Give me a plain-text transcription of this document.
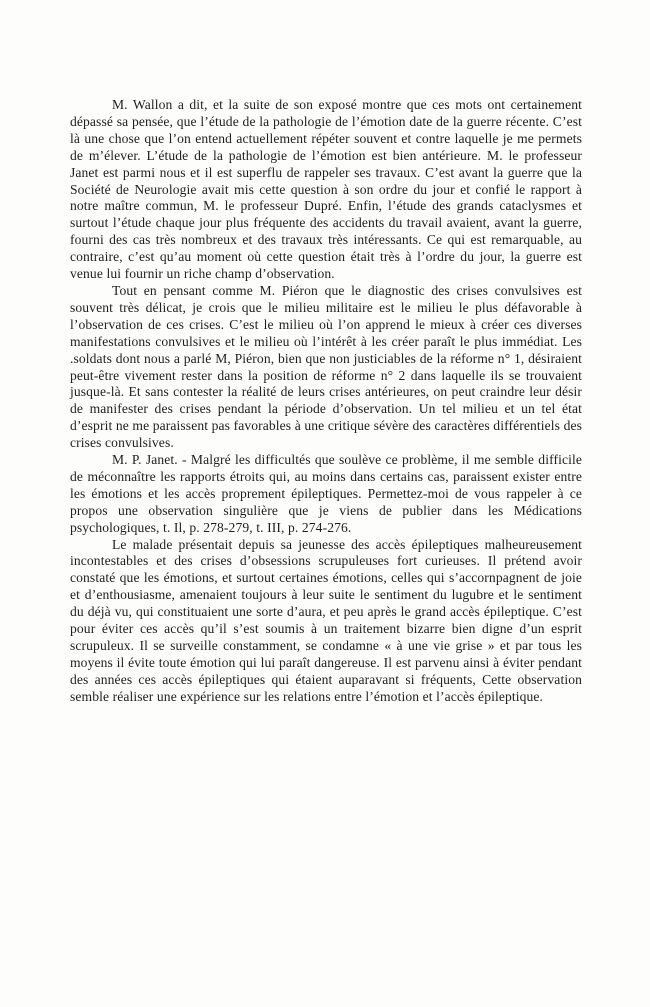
M. Wallon a dit, et la suite de son exposé montre que ces mots ont certainement dépassé sa pensée, que l’étude de la pathologie de l’émotion date de la guerre récente. C’est là une chose que l’on entend actuellement répéter souvent et contre laquelle je me permets de m’élever. L’étude de la pathologie de l’émotion est bien antérieure. M. le professeur Janet est parmi nous et il est superflu de rappeler ses travaux. C’est avant la guerre que la Société de Neurologie avait mis cette question à son ordre du jour et confié le rapport à notre maître commun, M. le professeur Dupré. Enfin, l’étude des grands cataclysmes et surtout l’étude chaque jour plus fréquente des accidents du travail avaient, avant la guerre, fourni des cas très nombreux et des travaux très intéressants. Ce qui est remarquable, au contraire, c’est qu’au moment où cette question était très à l’ordre du jour, la guerre est venue lui fournir un riche champ d’observation.

Tout en pensant comme M. Piéron que le diagnostic des crises convulsives est souvent très délicat, je crois que le milieu militaire est le milieu le plus défavorable à l’observation de ces crises. C’est le milieu où l’on apprend le mieux à créer ces diverses manifestations convulsives et le milieu où l’intérêt à les créer paraît le plus immédiat. Les .soldats dont nous a parlé M, Piéron, bien que non justiciables de la réforme n° 1, désiraient peut-être vivement rester dans la position de réforme n° 2 dans laquelle ils se trouvaient jusque-là. Et sans contester la réalité de leurs crises antérieures, on peut craindre leur désir de manifester des crises pendant la période d’observation. Un tel milieu et un tel état d’esprit ne me paraissent pas favorables à une critique sévère des caractères différentiels des crises convulsives.

M. P. Janet. - Malgré les difficultés que soulève ce problème, il me semble difficile de méconnaître les rapports étroits qui, au moins dans certains cas, paraissent exister entre les émotions et les accès proprement épileptiques. Permettez-moi de vous rappeler à ce propos une observation singulière que je viens de publier dans les Médications psychologiques, t. Il, p. 278-279, t. III, p. 274-276.

Le malade présentait depuis sa jeunesse des accès épileptiques malheureusement incontestables et des crises d’obsessions scrupuleuses fort curieuses. Il prétend avoir constaté que les émotions, et surtout certaines émotions, celles qui s’accornpagnent de joie et d’enthousiasme, amenaient toujours à leur suite le sentiment du lugubre et le sentiment du déjà vu, qui constituaient une sorte d’aura, et peu après le grand accès épileptique. C’est pour éviter ces accès qu’il s’est soumis à un traitement bizarre bien digne d’un esprit scrupuleux. Il se surveille constamment, se condamne « à une vie grise » et par tous les moyens il évite toute émotion qui lui paraît dangereuse. Il est parvenu ainsi à éviter pendant des années ces accès épileptiques qui étaient auparavant si fréquents, Cette observation semble réaliser une expérience sur les relations entre l’émotion et l’accès épileptique.
